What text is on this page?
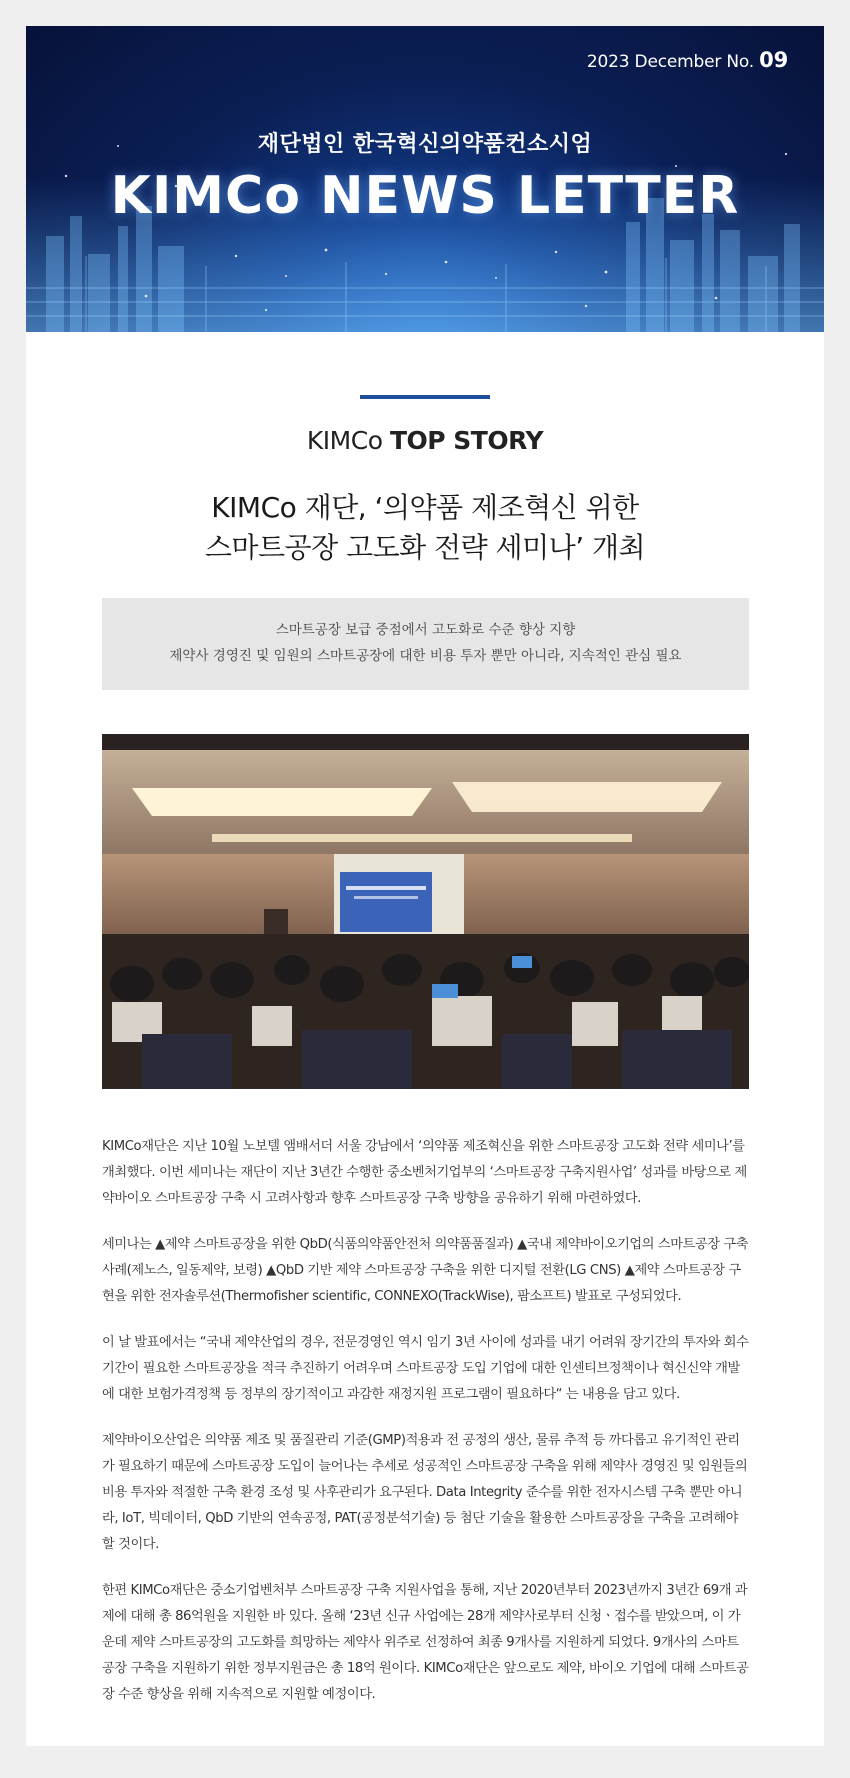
2023 December No. 09
재단법인 한국혁신의약품컨소시엄
KIMCo NEWS LETTER
KIMCo TOP STORY
KIMCo 재단, ‘의약품 제조혁신 위한
스마트공장 고도화 전략 세미나’ 개최
스마트공장 보급 중점에서 고도화로 수준 향상 지향
제약사 경영진 및 임원의 스마트공장에 대한 비용 투자 뿐만 아니라, 지속적인 관심 필요

KIMCo재단은 지난 10월 노보텔 앰배서더 서울 강남에서 ‘의약품 제조혁신을 위한 스마트공장 고도화 전략 세미나’를 개최했다. 이번 세미나는 재단이 지난 3년간 수행한 중소벤처기업부의 ‘스마트공장 구축지원사업’ 성과를 바탕으로 제약바이오 스마트공장 구축 시 고려사항과 향후 스마트공장 구축 방향을 공유하기 위해 마련하였다.

세미나는 ▲제약 스마트공장을 위한 QbD(식품의약품안전처 의약품품질과) ▲국내 제약바이오기업의 스마트공장 구축 사례(제노스, 일동제약, 보령) ▲QbD 기반 제약 스마트공장 구축을 위한 디지털 전환(LG CNS) ▲제약 스마트공장 구현을 위한 전자솔루션(Thermofisher scientific, CONNEXO(TrackWise), 팜소프트) 발표로 구성되었다.

이 날 발표에서는 “국내 제약산업의 경우, 전문경영인 역시 임기 3년 사이에 성과를 내기 어려워 장기간의 투자와 회수기간이 필요한 스마트공장을 적극 추진하기 어려우며 스마트공장 도입 기업에 대한 인센티브정책이나 혁신신약 개발에 대한 보험가격정책 등 정부의 장기적이고 과감한 재정지원 프로그램이 필요하다“ 는 내용을 담고 있다.

제약바이오산업은 의약품 제조 및 품질관리 기준(GMP)적용과 전 공정의 생산, 물류 추적 등 까다롭고 유기적인 관리가 필요하기 때문에 스마트공장 도입이 늘어나는 추세로 성공적인 스마트공장 구축을 위해 제약사 경영진 및 임원들의 비용 투자와 적절한 구축 환경 조성 및 사후관리가 요구된다. Data Integrity 준수를 위한 전자시스템 구축 뿐만 아니라, IoT, 빅데이터, QbD 기반의 연속공정, PAT(공정분석기술) 등 첨단 기술을 활용한 스마트공장을 구축을 고려해야 할 것이다.

한편 KIMCo재단은 중소기업벤처부 스마트공장 구축 지원사업을 통해, 지난 2020년부터 2023년까지 3년간 69개 과제에 대해 총 86억원을 지원한 바 있다. 올해 ‘23년 신규 사업에는 28개 제약사로부터 신청ㆍ접수를 받았으며, 이 가운데 제약 스마트공장의 고도화를 희망하는 제약사 위주로 선정하여 최종 9개사를 지원하게 되었다. 9개사의 스마트공장 구축을 지원하기 위한 정부지원금은 총 18억 원이다. KIMCo재단은 앞으로도 제약, 바이오 기업에 대해 스마트공장 수준 향상을 위해 지속적으로 지원할 예정이다.
